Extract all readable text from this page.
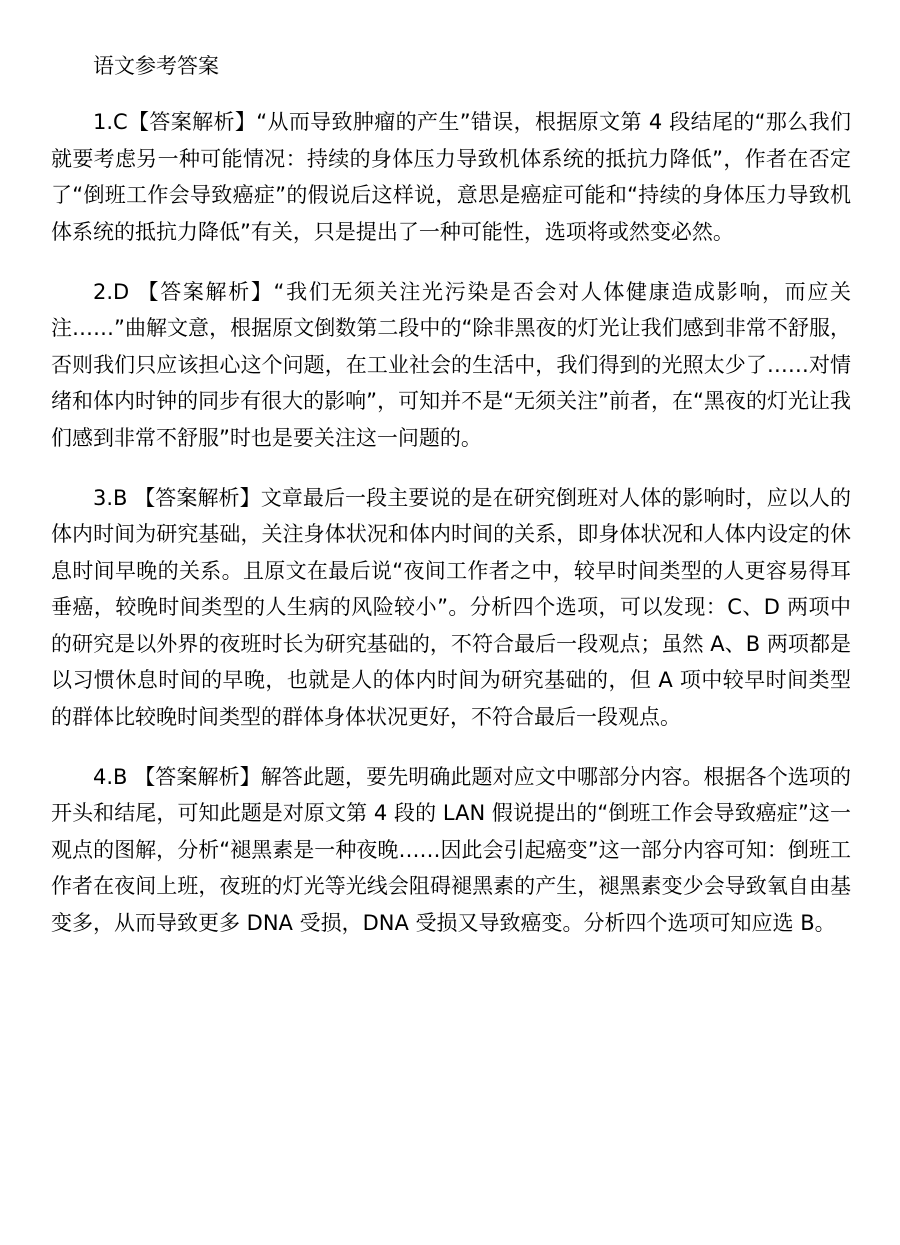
语文参考答案

1.C【答案解析】“从而导致肿瘤的产生”错误，根据原文第 4 段结尾的“那么我们就要考虑另一种可能情况：持续的身体压力导致机体系统的抵抗力降低”，作者在否定了“倒班工作会导致癌症”的假说后这样说，意思是癌症可能和“持续的身体压力导致机体系统的抵抗力降低”有关，只是提出了一种可能性，选项将或然变必然。

2.D 【答案解析】“我们无须关注光污染是否会对人体健康造成影响，而应关注……”曲解文意，根据原文倒数第二段中的“除非黑夜的灯光让我们感到非常不舒服，否则我们只应该担心这个问题，在工业社会的生活中，我们得到的光照太少了……对情绪和体内时钟的同步有很大的影响”，可知并不是“无须关注”前者，在“黑夜的灯光让我们感到非常不舒服”时也是要关注这一问题的。

3.B 【答案解析】文章最后一段主要说的是在研究倒班对人体的影响时，应以人的体内时间为研究基础，关注身体状况和体内时间的关系，即身体状况和人体内设定的休息时间早晚的关系。且原文在最后说“夜间工作者之中，较早时间类型的人更容易得耳垂癌，较晚时间类型的人生病的风险较小”。分析四个选项，可以发现：C、D 两项中的研究是以外界的夜班时长为研究基础的，不符合最后一段观点；虽然 A、B 两项都是以习惯休息时间的早晚，也就是人的体内时间为研究基础的，但 A 项中较早时间类型的群体比较晚时间类型的群体身体状况更好，不符合最后一段观点。

4.B 【答案解析】解答此题，要先明确此题对应文中哪部分内容。根据各个选项的开头和结尾，可知此题是对原文第 4 段的 LAN 假说提出的“倒班工作会导致癌症”这一观点的图解，分析“褪黑素是一种夜晚……因此会引起癌变”这一部分内容可知：倒班工作者在夜间上班，夜班的灯光等光线会阻碍褪黑素的产生，褪黑素变少会导致氧自由基变多，从而导致更多 DNA 受损，DNA 受损又导致癌变。分析四个选项可知应选 B。
